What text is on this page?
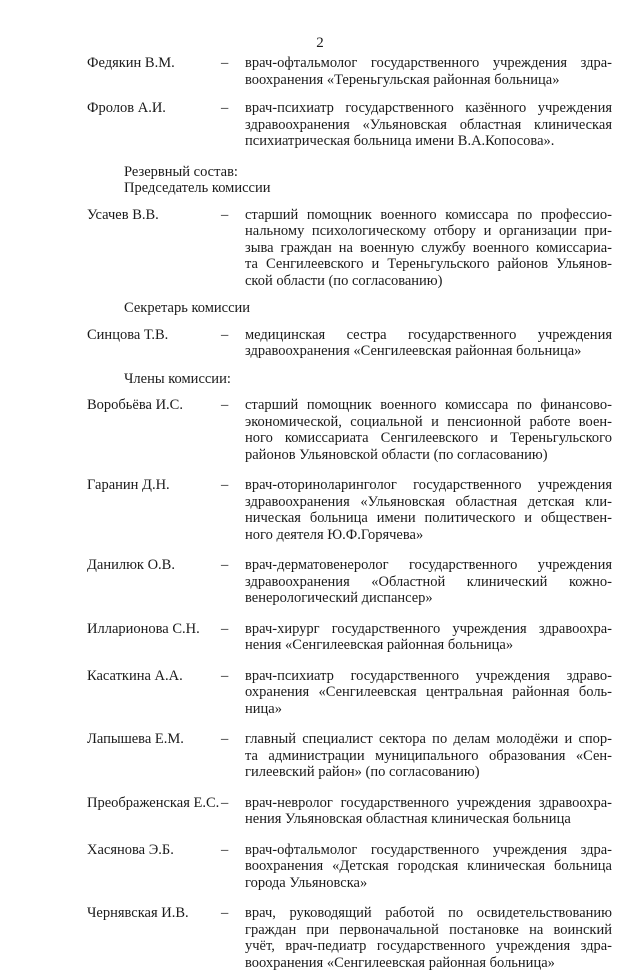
2
Федякин В.М.	–	врач-офтальмолог государственного учреждения здра-
воохранения «Тереньгульская районная больница»
Фролов А.И.	–	врач-психиатр государственного казённого учреждения
здравоохранения «Ульяновская областная клиническая
психиатрическая больница имени В.А.Копосова».
Резервный состав:
Председатель комиссии
Усачев В.В.	–	старший помощник военного комиссара по профессио-
нальному психологическому отбору и организации при-
зыва граждан на военную службу военного комиссариа-
та Сенгилеевского и Тереньгульского районов Ульянов-
ской области (по согласованию)
Секретарь комиссии
Синцова Т.В.	–	медицинская сестра государственного учреждения
здравоохранения «Сенгилеевская районная больница»
Члены комиссии:
Воробьёва И.С.	–	старший помощник военного комиссара по финансово-
экономической, социальной и пенсионной работе воен-
ного комиссариата Сенгилеевского и Тереньгульского
районов Ульяновской области (по согласованию)
Гаранин Д.Н.	–	врач-оториноларинголог государственного учреждения
здравоохранения «Ульяновская областная детская кли-
ническая больница имени политического и обществен-
ного деятеля Ю.Ф.Горячева»
Данилюк О.В.	–	врач-дерматовенеролог государственного учреждения
здравоохранения «Областной клинический кожно-
венерологический диспансер»
Илларионова С.Н.	–	врач-хирург государственного учреждения здравоохра-
нения «Сенгилеевская районная больница»
Касаткина А.А.	–	врач-психиатр государственного учреждения здраво-
охранения «Сенгилеевская центральная районная боль-
ница»
Лапышева Е.М.	–	главный специалист сектора по делам молодёжи и спор-
та администрации муниципального образования «Сен-
гилеевский район» (по согласованию)
Преображенская Е.С. –	врач-невролог государственного учреждения здравоохра-
нения Ульяновская областная клиническая больница
Хасянова Э.Б.	–	врач-офтальмолог государственного учреждения здра-
воохранения «Детская городская клиническая больница
города Ульяновска»
Чернявская И.В.	–	врач, руководящий работой по освидетельствованию
граждан при первоначальной постановке на воинский
учёт, врач-педиатр государственного учреждения здра-
воохранения «Сенгилеевская районная больница»
